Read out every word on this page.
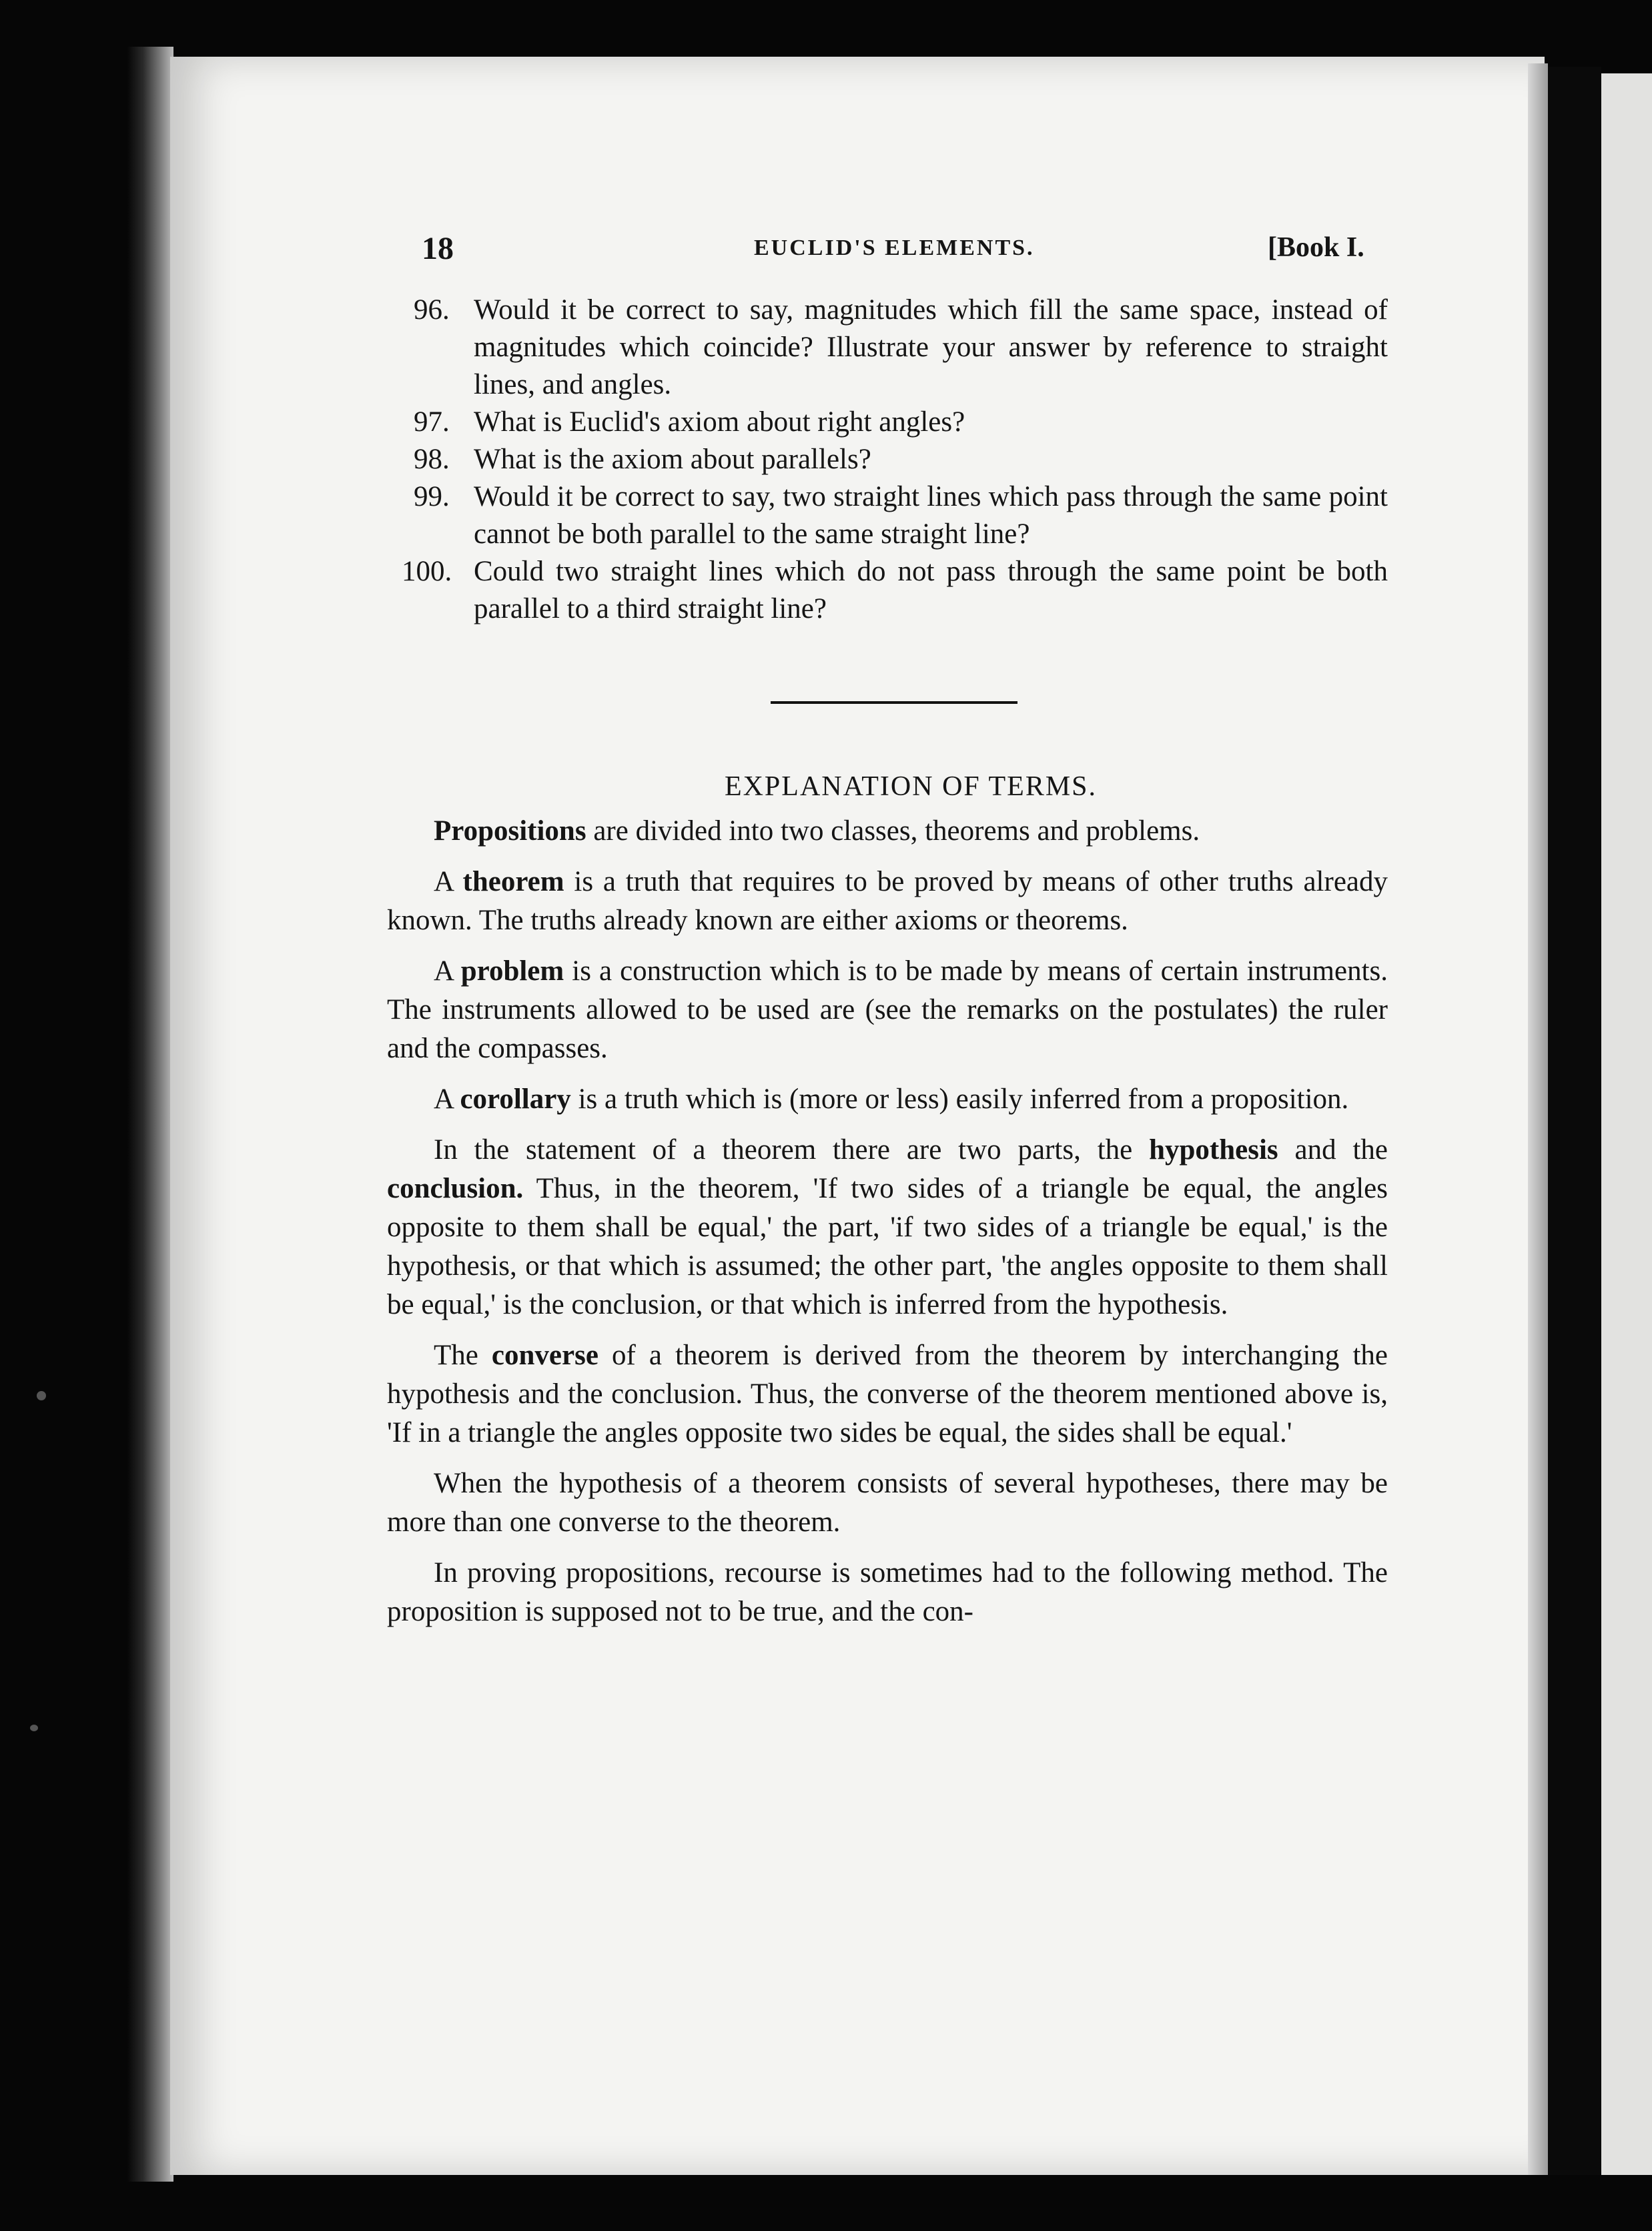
18	EUCLID'S ELEMENTS.	[Book I.
96. Would it be correct to say, magnitudes which fill the same space, instead of magnitudes which coincide? Illustrate your answer by reference to straight lines, and angles.
97. What is Euclid's axiom about right angles?
98. What is the axiom about parallels?
99. Would it be correct to say, two straight lines which pass through the same point cannot be both parallel to the same straight line?
100. Could two straight lines which do not pass through the same point be both parallel to a third straight line?
EXPLANATION OF TERMS.

Propositions are divided into two classes, theorems and problems.

A theorem is a truth that requires to be proved by means of other truths already known. The truths already known are either axioms or theorems.

A problem is a construction which is to be made by means of certain instruments. The instruments allowed to be used are (see the remarks on the postulates) the ruler and the compasses.

A corollary is a truth which is (more or less) easily inferred from a proposition.

In the statement of a theorem there are two parts, the hypothesis and the conclusion. Thus, in the theorem, 'If two sides of a triangle be equal, the angles opposite to them shall be equal,' the part, 'if two sides of a triangle be equal,' is the hypothesis, or that which is assumed; the other part, 'the angles opposite to them shall be equal,' is the conclusion, or that which is inferred from the hypothesis.

The converse of a theorem is derived from the theorem by interchanging the hypothesis and the conclusion. Thus, the converse of the theorem mentioned above is, 'If in a triangle the angles opposite two sides be equal, the sides shall be equal.'

When the hypothesis of a theorem consists of several hypotheses, there may be more than one converse to the theorem.

In proving propositions, recourse is sometimes had to the following method. The proposition is supposed not to be true, and the con-
